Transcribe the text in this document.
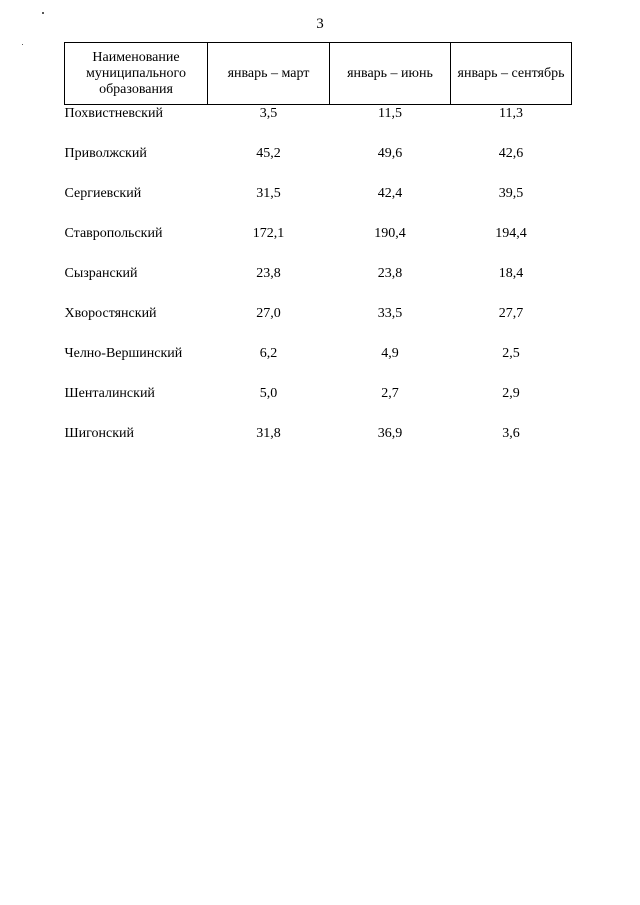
3
Наименование муниципального образования	январь – март	январь – июнь	январь – сентябрь
Похвистневский	3,5	11,5	11,3
Приволжский	45,2	49,6	42,6
Сергиевский	31,5	42,4	39,5
Ставропольский	172,1	190,4	194,4
Сызранский	23,8	23,8	18,4
Хворостянский	27,0	33,5	27,7
Челно-Вершинский	6,2	4,9	2,5
Шенталинский	5,0	2,7	2,9
Шигонский	31,8	36,9	3,6
